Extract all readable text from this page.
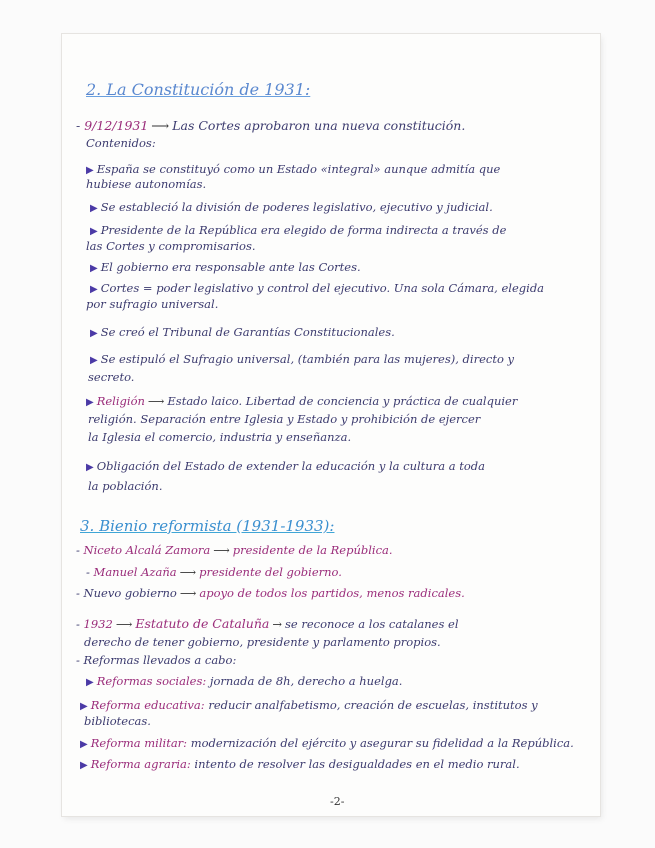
2. La Constitución de 1931:
- 9/12/1931 ⟶ Las Cortes aprobaron una nueva constitución.
Contenidos:
▶ España se constituyó como un Estado «integral» aunque admitía que
hubiese autonomías.
▶ Se estableció la división de poderes legislativo, ejecutivo y judicial.
▶ Presidente de la República era elegido de forma indirecta a través de
las Cortes y compromisarios.
▶ El gobierno era responsable ante las Cortes.
▶ Cortes = poder legislativo y control del ejecutivo. Una sola Cámara, elegida
por sufragio universal.
▶ Se creó el Tribunal de Garantías Constitucionales.
▶ Se estipuló el Sufragio universal, (también para las mujeres), directo y
secreto.
▶ Religión ⟶ Estado laico. Libertad de conciencia y práctica de cualquier
religión. Separación entre Iglesia y Estado y prohibición de ejercer
la Iglesia el comercio, industria y enseñanza.
▶ Obligación del Estado de extender la educación y la cultura a toda
la población.
3. Bienio reformista (1931-1933):
- Niceto Alcalá Zamora ⟶ presidente de la República.
- Manuel Azaña ⟶ presidente del gobierno.
- Nuevo gobierno ⟶ apoyo de todos los partidos, menos radicales.
- 1932 ⟶ Estatuto de Cataluña → se reconoce a los catalanes el
derecho de tener gobierno, presidente y parlamento propios.
- Reformas llevados a cabo:
▶ Reformas sociales: jornada de 8h, derecho a huelga.
▶ Reforma educativa: reducir analfabetismo, creación de escuelas, institutos y
bibliotecas.
▶ Reforma militar: modernización del ejército y asegurar su fidelidad a la República.
▶ Reforma agraria: intento de resolver las desigualdades en el medio rural.
-2-
